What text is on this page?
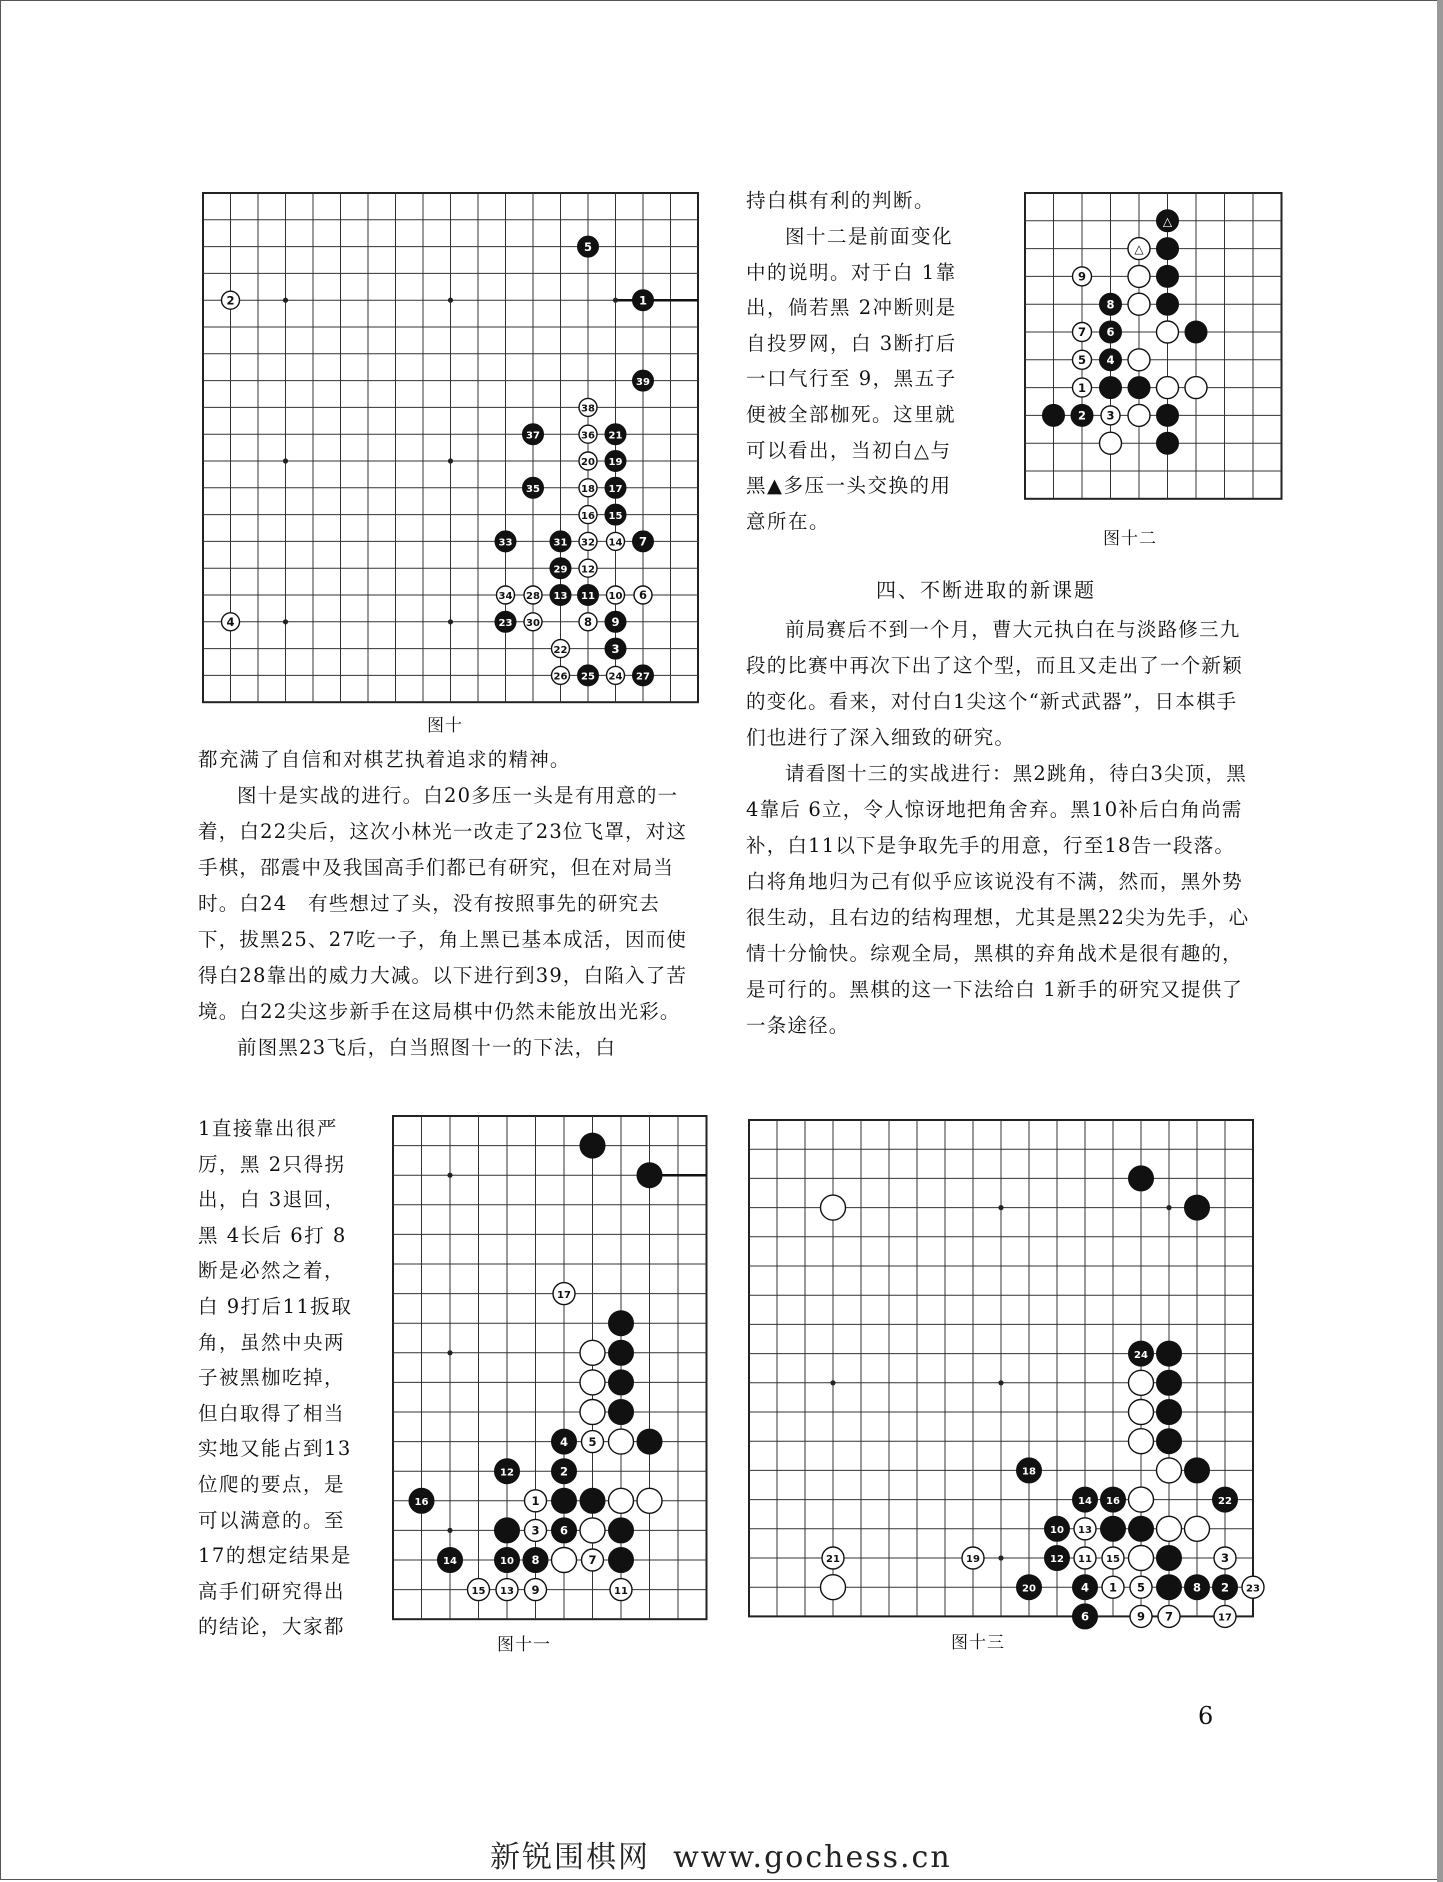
2
5
1
39
38
37	36 21
20 19
35	18 17
16 15
33	31 32 14 7
29 12
34 28 13 11 10 6
4	23 30	8 9
22	3
26 25 24 27
图十

都充满了自信和对棋艺执着追求的精神。

图十是实战的进行。白20多压一头是有用意的一着，白22尖后，这次小林光一改走了23位飞罩，对这手棋，邵震中及我国高手们都已有研究，但在对局当时。白24　有些想过了头，没有按照事先的研究去下，拔黑25、27吃一子，角上黑已基本成活，因而使得白28靠出的威力大减。以下进行到39，白陷入了苦境。白22尖这步新手在这局棋中仍然未能放出光彩。

前图黑23飞后，白当照图十一的下法，白

1直接靠出很严
厉，黑 2只得拐
出，白 3退回，
黑 4长后 6打 8
断是必然之着，
白 9打后11扳取
角，虽然中央两
子被黑枷吃掉，
但白取得了相当
实地又能占到13
位爬的要点，是
可以满意的。至
17的想定结果是
高手们研究得出
的结论，大家都
17
4 5
12	2
16	1
3 6
14	10 8	7
15 13 9	11
图十一
持白棋有利的判断。
图十二是前面变化
中的说明。对于白 1靠
出，倘若黑 2冲断则是
自投罗网，白 3断打后
一口气行至 9，黑五子
便被全部枷死。这里就
可以看出，当初白△与
黑▲多压一头交换的用
意所在。
△
△
9
8
7 6
5 4
1
2 3
图十二
四、不断进取的新课题

前局赛后不到一个月，曹大元执白在与淡路修三九段的比赛中再次下出了这个型，而且又走出了一个新颖的变化。看来，对付白1尖这个“新式武器”，日本棋手们也进行了深入细致的研究。

请看图十三的实战进行：黑2跳角，待白3尖顶，黑 4靠后 6立，令人惊讶地把角舍弃。黑10补后白角尚需补，白11以下是争取先手的用意，行至18告一段落。白将角地归为己有似乎应该说没有不满，然而，黑外势很生动，且右边的结构理想，尤其是黑22尖为先手，心情十分愉快。综观全局，黑棋的弃角战术是很有趣的，是可行的。黑棋的这一下法给白 1新手的研究又提供了一条途径。

24
18
14 16	22
10 13
21	12 11 15
19	3
20	4 1 5	8 2 23
6	9 7	17
图十三
6
新锐围棋网  www.gochess.cn
